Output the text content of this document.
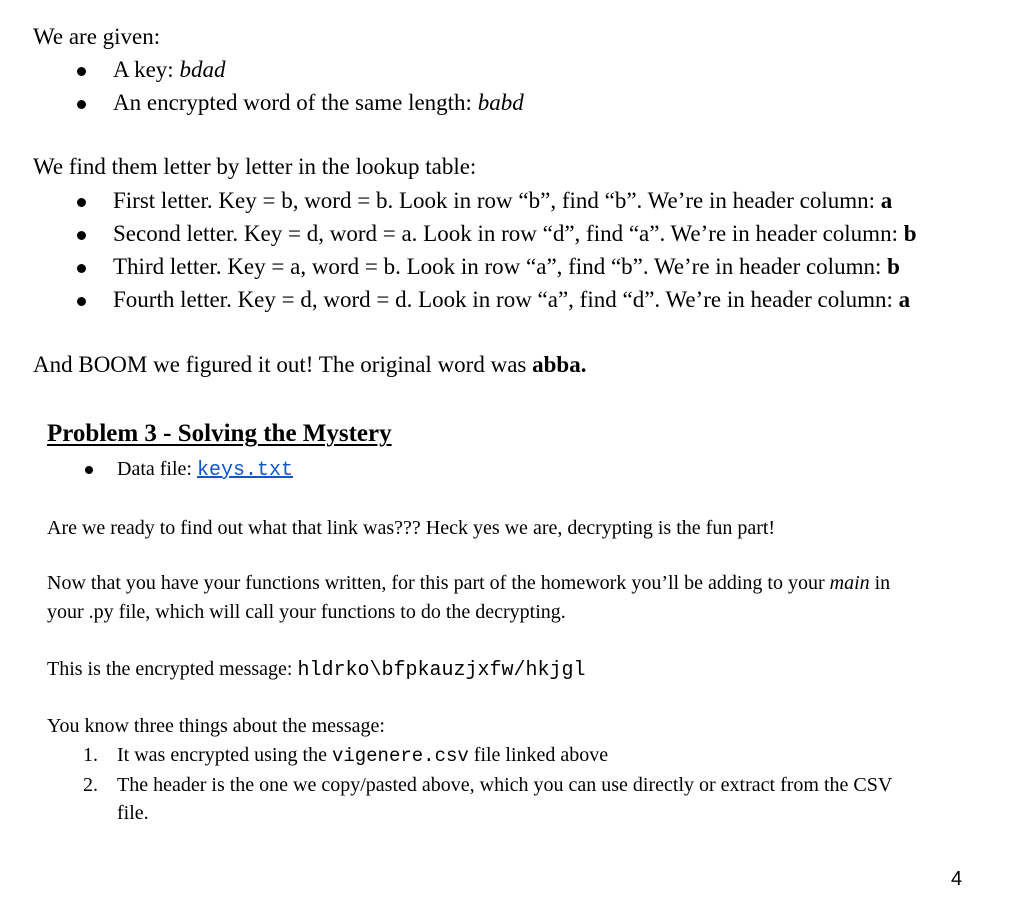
We are given:
A key: bdad
An encrypted word of the same length: babd
We find them letter by letter in the lookup table:
First letter. Key = b, word = b. Look in row “b”, find “b”. We’re in header column: a
Second letter. Key = d, word = a. Look in row “d”, find “a”. We’re in header column: b
Third letter. Key = a, word = b. Look in row “a”, find “b”. We’re in header column: b
Fourth letter. Key = d, word = d. Look in row “a”, find “d”. We’re in header column: a
And BOOM we figured it out! The original word was abba.
Problem 3 - Solving the Mystery
Data file: keys.txt
Are we ready to find out what that link was??? Heck yes we are, decrypting is the fun part!
Now that you have your functions written, for this part of the homework you’ll be adding to your main in
your .py file, which will call your functions to do the decrypting.
This is the encrypted message: hldrko\bfpkauzjxfw/hkjgl
You know three things about the message:
1. It was encrypted using the vigenere.csv file linked above
2. The header is the one we copy/pasted above, which you can use directly or extract from the CSV
file.
4
